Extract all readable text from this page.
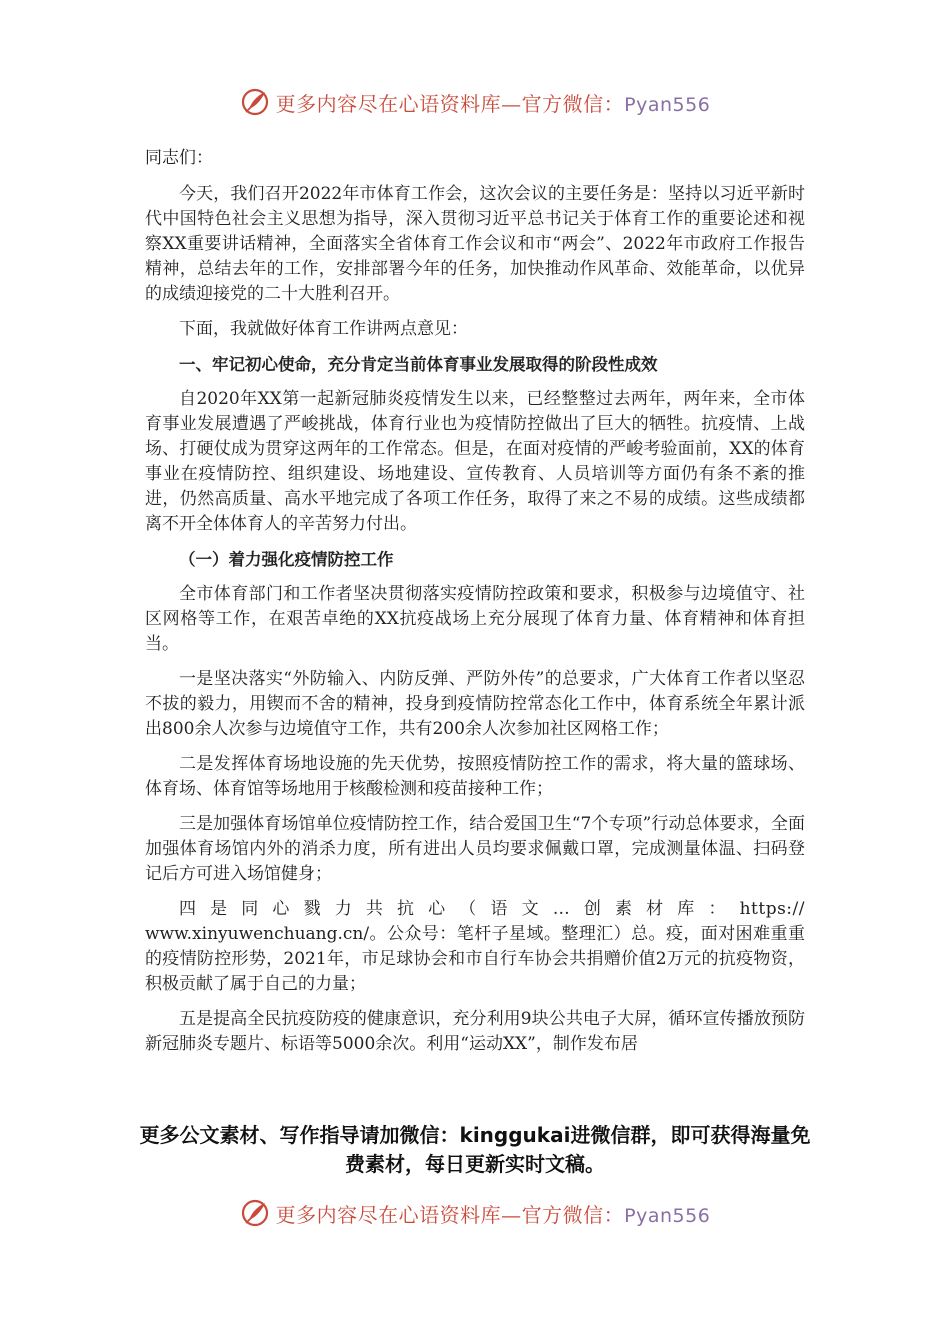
更多内容尽在心语资料库—官方微信：Pyan556

同志们：

今天，我们召开2022年市体育工作会，这次会议的主要任务是：坚持以习近平新时代中国特色社会主义思想为指导，深入贯彻习近平总书记关于体育工作的重要论述和视察XX重要讲话精神，全面落实全省体育工作会议和市“两会”、2022年市政府工作报告精神，总结去年的工作，安排部署今年的任务，加快推动作风革命、效能革命，以优异的成绩迎接党的二十大胜利召开。

下面，我就做好体育工作讲两点意见：

一、牢记初心使命，充分肯定当前体育事业发展取得的阶段性成效

自2020年XX第一起新冠肺炎疫情发生以来，已经整整过去两年，两年来，全市体育事业发展遭遇了严峻挑战，体育行业也为疫情防控做出了巨大的牺牲。抗疫情、上战场、打硬仗成为贯穿这两年的工作常态。但是，在面对疫情的严峻考验面前，XX的体育事业在疫情防控、组织建设、场地建设、宣传教育、人员培训等方面仍有条不紊的推进，仍然高质量、高水平地完成了各项工作任务，取得了来之不易的成绩。这些成绩都离不开全体体育人的辛苦努力付出。

（一）着力强化疫情防控工作

全市体育部门和工作者坚决贯彻落实疫情防控政策和要求，积极参与边境值守、社区网格等工作，在艰苦卓绝的XX抗疫战场上充分展现了体育力量、体育精神和体育担当。

一是坚决落实“外防输入、内防反弹、严防外传”的总要求，广大体育工作者以坚忍不拔的毅力，用锲而不舍的精神，投身到疫情防控常态化工作中，体育系统全年累计派出800余人次参与边境值守工作，共有200余人次参加社区网格工作；

二是发挥体育场地设施的先天优势，按照疫情防控工作的需求，将大量的篮球场、体育场、体育馆等场地用于核酸检测和疫苗接种工作；

三是加强体育场馆单位疫情防控工作，结合爱国卫生“7个专项”行动总体要求，全面加强体育场馆内外的消杀力度，所有进出人员均要求佩戴口罩，完成测量体温、扫码登记后方可进入场馆健身；

四是同心戮力共抗心（语文…创素材库：https://

www.xinyuwenchuang.cn/。公众号：笔杆子星域。整理汇）总。疫，面对困难重重的疫情防控形势，2021年，市足球协会和市自行车协会共捐赠价值2万元的抗疫物资，积极贡献了属于自己的力量；

五是提高全民抗疫防疫的健康意识，充分利用9块公共电子大屏，循环宣传播放预防新冠肺炎专题片、标语等5000余次。利用“运动XX”，制作发布居

更多公文素材、写作指导请加微信：kinggukai进微信群，即可获得海量免费素材，每日更新实时文稿。
更多内容尽在心语资料库—官方微信：Pyan556
